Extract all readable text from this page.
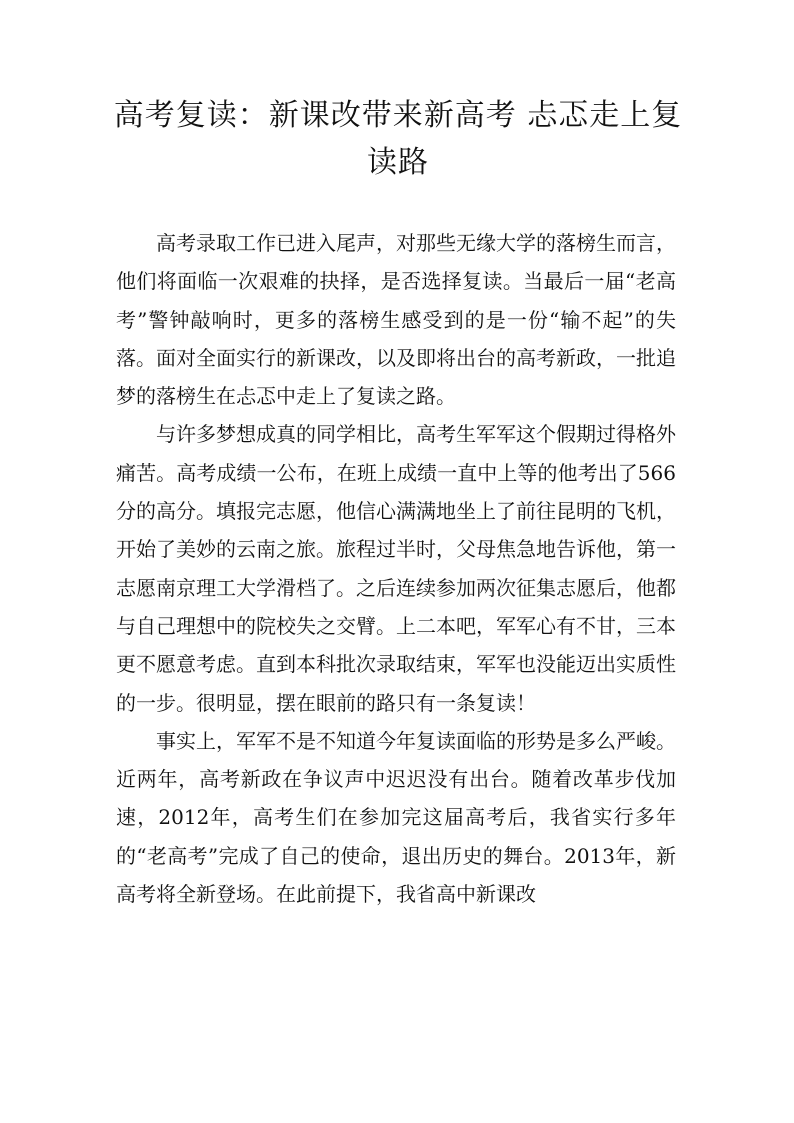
高考复读：新课改带来新高考 忐忑走上复读路

高考录取工作已进入尾声，对那些无缘大学的落榜生而言，他们将面临一次艰难的抉择，是否选择复读。当最后一届“老高考”警钟敲响时，更多的落榜生感受到的是一份“输不起”的失落。面对全面实行的新课改，以及即将出台的高考新政，一批追梦的落榜生在忐忑中走上了复读之路。

与许多梦想成真的同学相比，高考生军军这个假期过得格外痛苦。高考成绩一公布，在班上成绩一直中上等的他考出了566分的高分。填报完志愿，他信心满满地坐上了前往昆明的飞机，开始了美妙的云南之旅。旅程过半时，父母焦急地告诉他，第一志愿南京理工大学滑档了。之后连续参加两次征集志愿后，他都与自己理想中的院校失之交臂。上二本吧，军军心有不甘，三本更不愿意考虑。直到本科批次录取结束，军军也没能迈出实质性的一步。很明显，摆在眼前的路只有一条复读！

事实上，军军不是不知道今年复读面临的形势是多么严峻。近两年，高考新政在争议声中迟迟没有出台。随着改革步伐加速，2012年，高考生们在参加完这届高考后，我省实行多年的“老高考”完成了自己的使命，退出历史的舞台。2013年，新高考将全新登场。在此前提下，我省高中新课改
